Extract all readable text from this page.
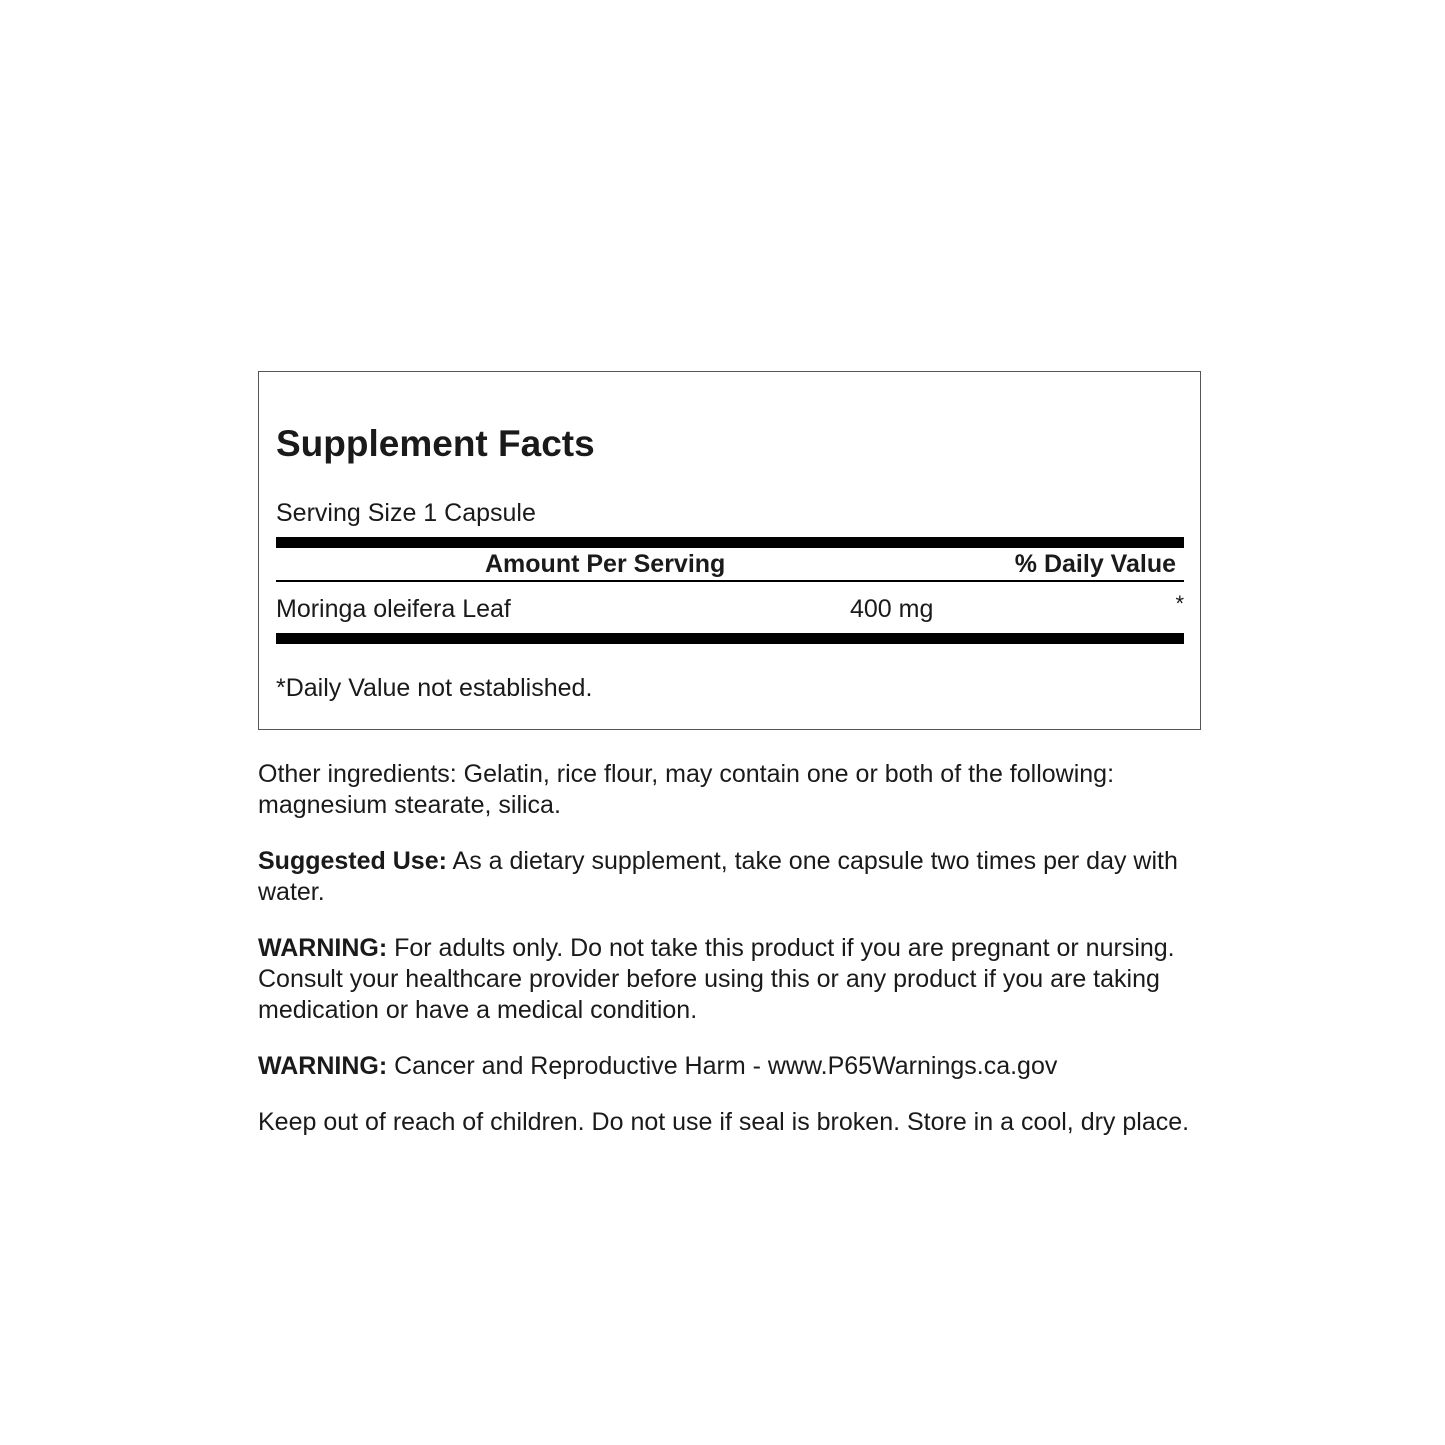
Supplement Facts
Serving Size 1 Capsule
Amount Per Serving	% Daily Value
Moringa oleifera Leaf	400 mg	*
*Daily Value not established.

Other ingredients: Gelatin, rice flour, may contain one or both of the following: magnesium stearate, silica.

Suggested Use: As a dietary supplement, take one capsule two times per day with water.

WARNING: For adults only. Do not take this product if you are pregnant or nursing. Consult your healthcare provider before using this or any product if you are taking medication or have a medical condition.

WARNING: Cancer and Reproductive Harm - www.P65Warnings.ca.gov

Keep out of reach of children. Do not use if seal is broken. Store in a cool, dry place.
